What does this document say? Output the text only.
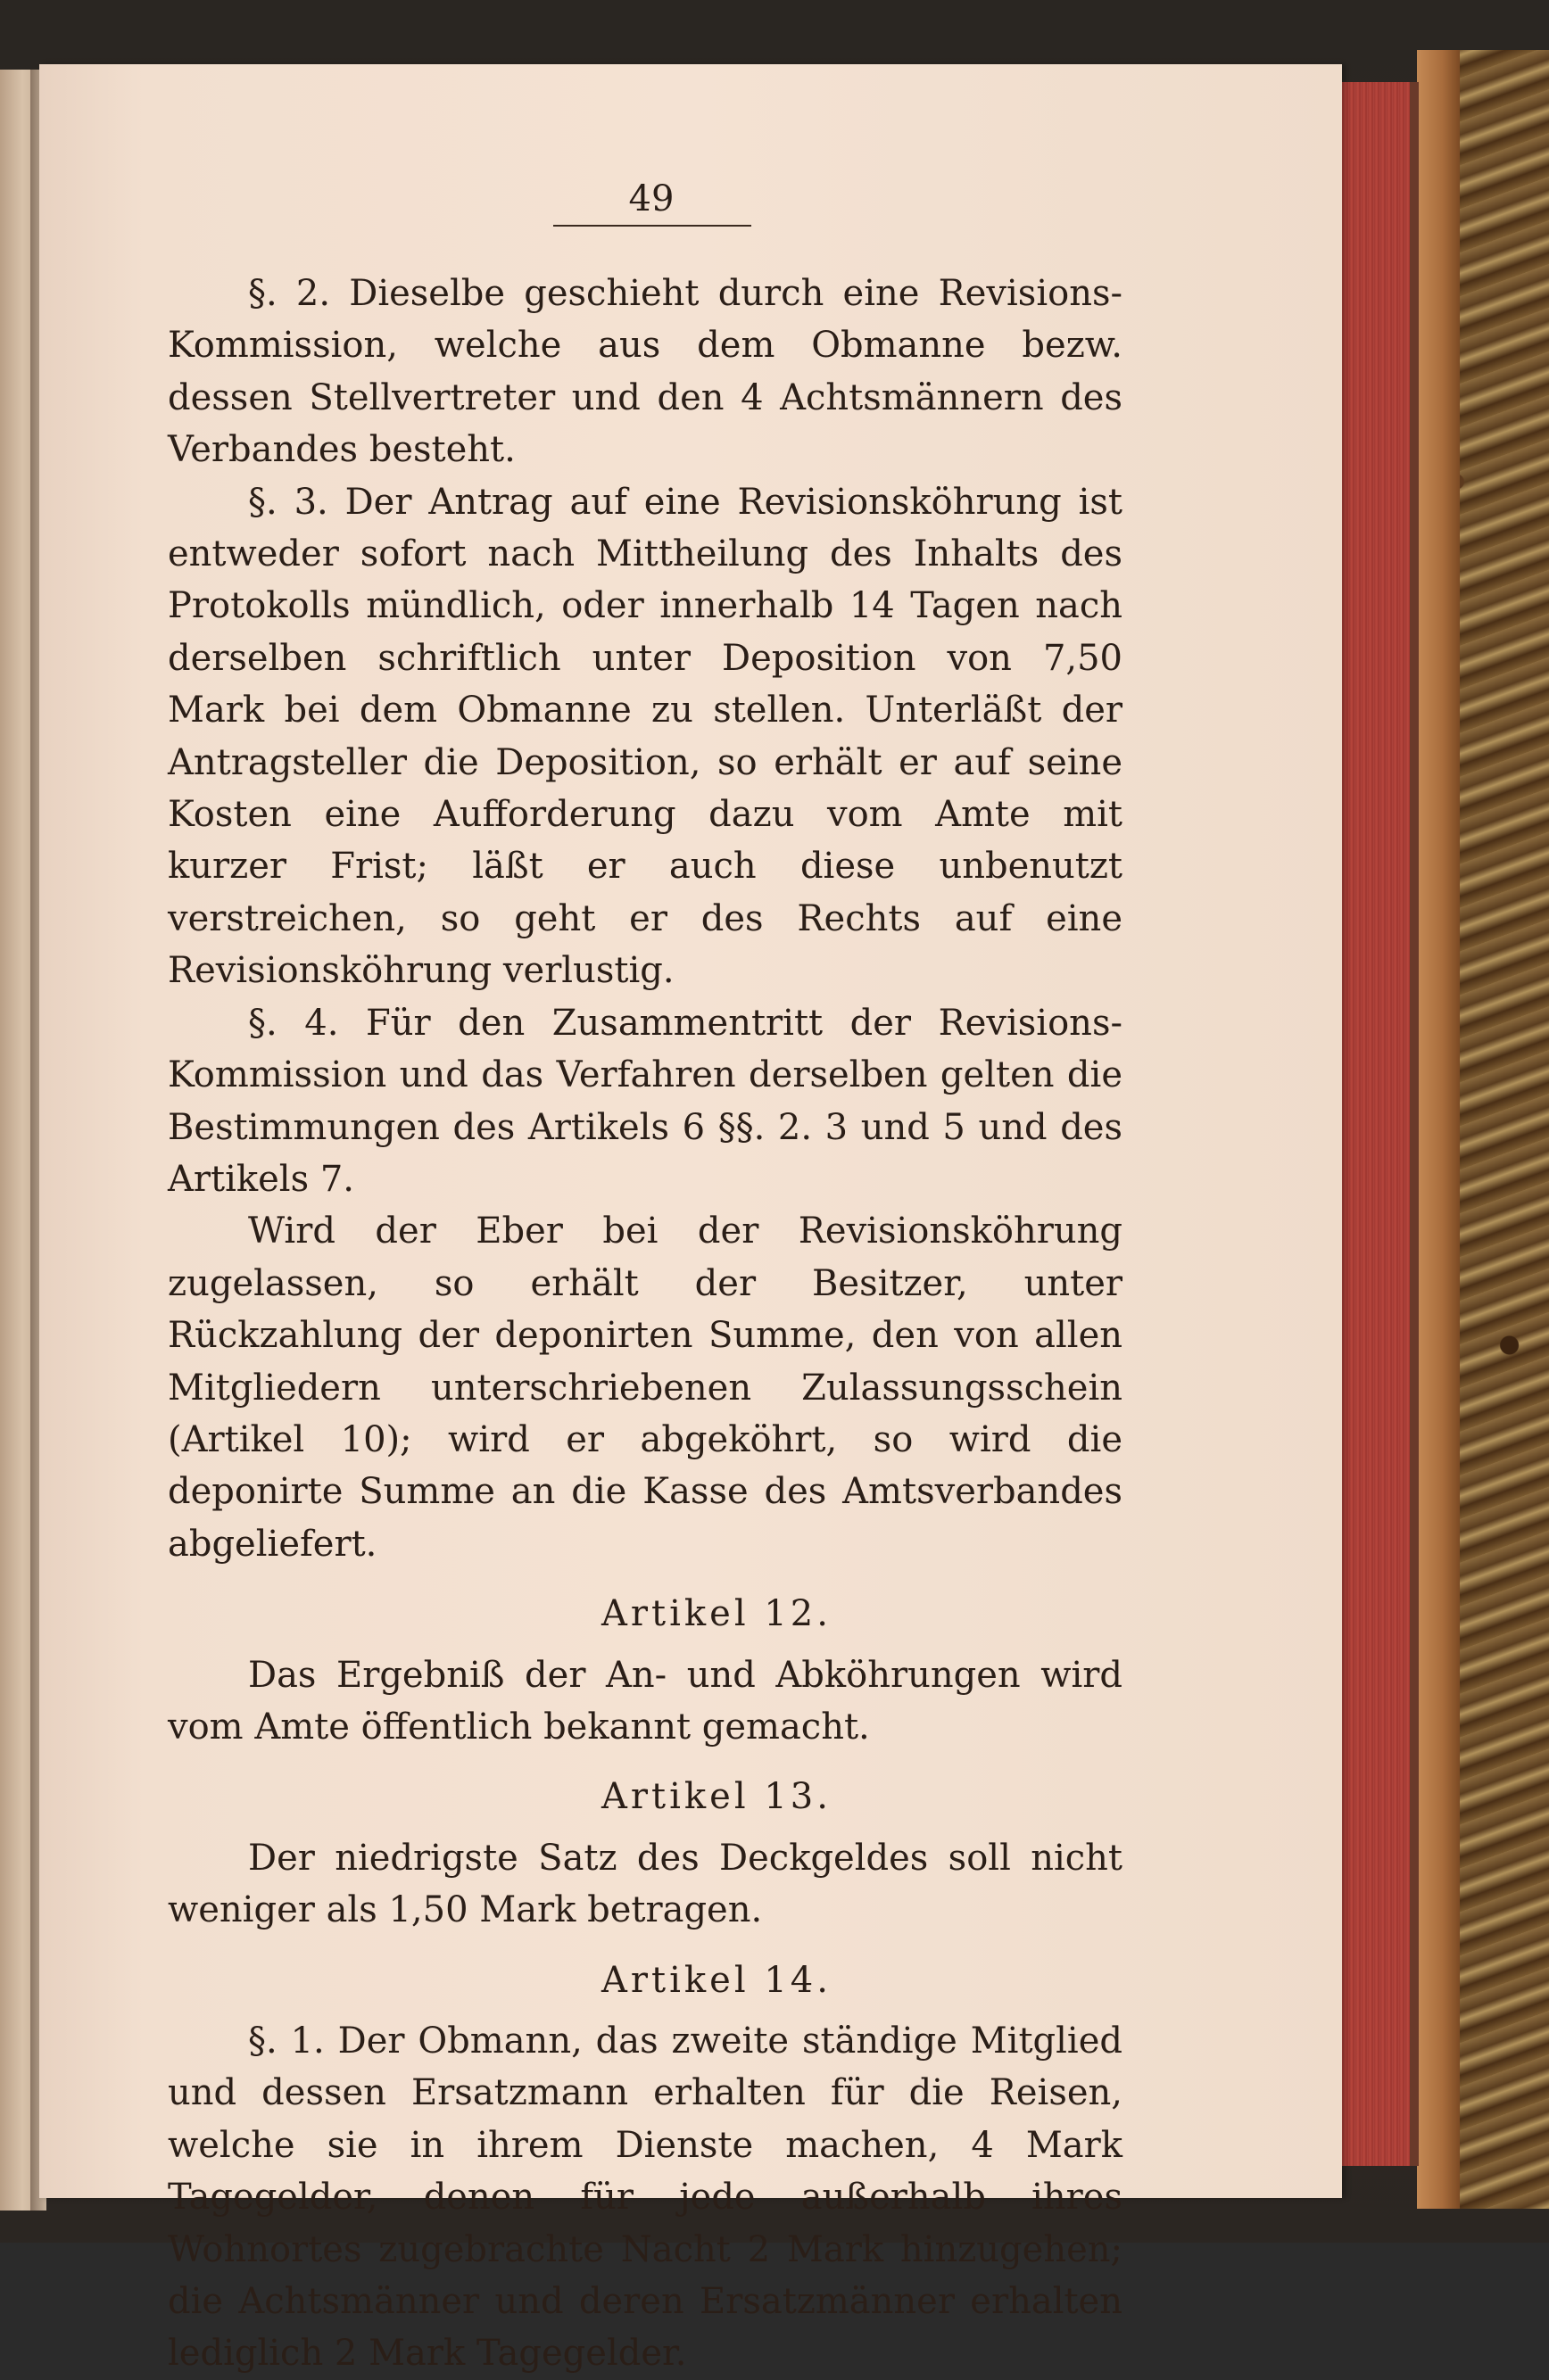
49

§. 2. Dieselbe geschieht durch eine Revisions-Kommission, welche aus dem Obmanne bezw. dessen Stellvertreter und den 4 Achtsmännern des Verbandes besteht.

§. 3. Der Antrag auf eine Revisionsköhrung ist entweder sofort nach Mittheilung des Inhalts des Protokolls mündlich, oder innerhalb 14 Tagen nach derselben schriftlich unter Deposition von 7,50 Mark bei dem Obmanne zu stellen. Unterläßt der Antragsteller die Deposition, so erhält er auf seine Kosten eine Aufforderung dazu vom Amte mit kurzer Frist; läßt er auch diese unbenutzt verstreichen, so geht er des Rechts auf eine Revisionsköhrung verlustig.

§. 4. Für den Zusammentritt der Revisions-Kommission und das Verfahren derselben gelten die Bestimmungen des Artikels 6 §§. 2. 3 und 5 und des Artikels 7.

Wird der Eber bei der Revisionsköhrung zugelassen, so erhält der Besitzer, unter Rückzahlung der deponirten Summe, den von allen Mitgliedern unterschriebenen Zulassungsschein (Artikel 10); wird er abgeköhrt, so wird die deponirte Summe an die Kasse des Amtsverbandes abgeliefert.

Artikel 12.

Das Ergebniß der An- und Abköhrungen wird vom Amte öffentlich bekannt gemacht.

Artikel 13.

Der niedrigste Satz des Deckgeldes soll nicht weniger als 1,50 Mark betragen.

Artikel 14.

§. 1. Der Obmann, das zweite ständige Mitglied und dessen Ersatzmann erhalten für die Reisen, welche sie in ihrem Dienste machen, 4 Mark Tagegelder, denen für jede außerhalb ihres Wohnortes zugebrachte Nacht 2 Mark hinzugehen; die Achtsmänner und deren Ersatzmänner erhalten lediglich 2 Mark Tagegelder.
